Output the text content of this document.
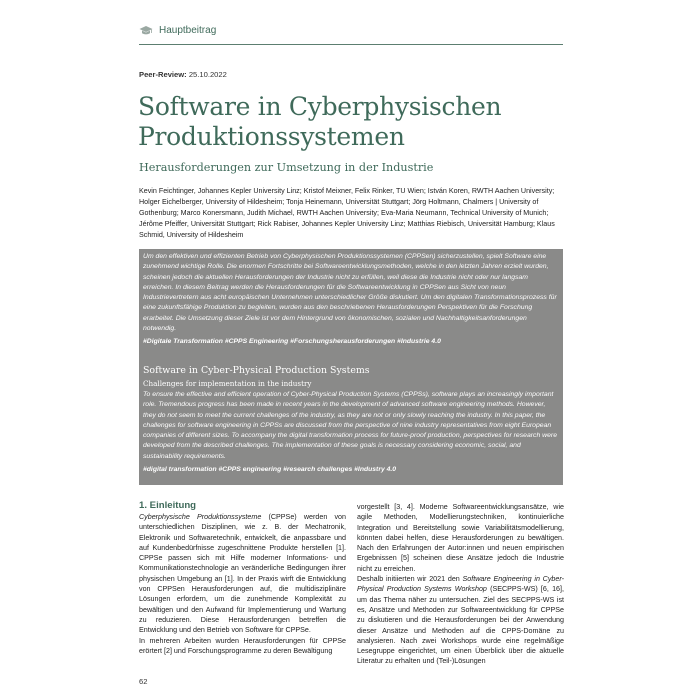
Hauptbeitrag
Peer-Review: 25.10.2022
Software in Cyberphysischen Produktionssystemen
Herausforderungen zur Umsetzung in der Industrie
Kevin Feichtinger, Johannes Kepler University Linz; Kristof Meixner, Felix Rinker, TU Wien; István Koren, RWTH Aachen University; Holger Eichelberger, University of Hildesheim; Tonja Heinemann, Universität Stuttgart; Jörg Holtmann, Chalmers | University of Gothenburg; Marco Konersmann, Judith Michael, RWTH Aachen University; Eva-Maria Neumann, Technical University of Munich; Jérôme Pfeiffer, Universität Stuttgart; Rick Rabiser, Johannes Kepler University Linz; Matthias Riebisch, Universität Hamburg; Klaus Schmid, University of Hildesheim
Um den effektiven und effizienten Betrieb von Cyberphysischen Produktionssystemen (CPPSen) sicherzustellen, spielt Software eine zunehmend wichtige Rolle. Die enormen Fortschritte bei Softwareentwicklungsmethoden, welche in den letzten Jahren erzielt wurden, scheinen jedoch die aktuellen Herausforderungen der Industrie nicht zu erfüllen, weil diese die Industrie nicht oder nur langsam erreichen. In diesem Beitrag werden die Herausforderungen für die Softwareentwicklung in CPPSen aus Sicht von neun Industrievertretern aus acht europäischen Unternehmen unterschiedlicher Größe diskutiert. Um den digitalen Transformationsprozess für eine zukunftsfähige Produktion zu begleiten, wurden aus den beschriebenen Herausforderungen Perspektiven für die Forschung erarbeitet. Die Umsetzung dieser Ziele ist vor dem Hintergrund von ökonomischen, sozialen und Nachhaltigkeitsanforderungen notwendig.
#Digitale Transformation #CPPS Engineering #Forschungsherausforderungen #Industrie 4.0
Software in Cyber-Physical Production Systems
Challenges for implementation in the industry
To ensure the effective and efficient operation of Cyber-Physical Production Systems (CPPSs), software plays an increasingly important role. Tremendous progress has been made in recent years in the development of advanced software engineering methods. However, they do not seem to meet the current challenges of the industry, as they are not or only slowly reaching the industry. In this paper, the challenges for software engineering in CPPSs are discussed from the perspective of nine industry representatives from eight European companies of different sizes. To accompany the digital transformation process for future-proof production, perspectives for research were developed from the described challenges. The implementation of these goals is necessary considering economic, social, and sustainability requirements.
#digital transformation #CPPS engineering #research challenges #Industry 4.0
1. Einleitung

Cyberphysische Produktionssysteme (CPPSe) werden von unterschiedlichen Disziplinen, wie z. B. der Mechatronik, Elektronik und Softwaretechnik, entwickelt, die anpassbare und auf Kundenbedürfnisse zugeschnittene Produkte herstellen [1]. CPPSe passen sich mit Hilfe moderner Informations- und Kommunikationstechnologie an veränderliche Bedingungen ihrer physischen Umgebung an [1]. In der Praxis wirft die Entwicklung von CPPSen Herausforderungen auf, die multidisziplinäre Lösungen erfordern, um die zunehmende Komplexität zu bewältigen und den Aufwand für Implementierung und Wartung zu reduzieren. Diese Herausforderungen betreffen die Entwicklung und den Betrieb von Software für CPPSe.

In mehreren Arbeiten wurden Herausforderungen für CPPSe erörtert [2] und Forschungsprogramme zu deren Bewältigung

vorgestellt [3, 4]. Moderne Softwareentwicklungsansätze, wie agile Methoden, Modellierungstechniken, kontinuierliche Integration und Bereitstellung sowie Variabilitätsmodellierung, könnten dabei helfen, diese Herausforderungen zu bewältigen. Nach den Erfahrungen der Autor:innen und neuen empirischen Ergebnissen [5] scheinen diese Ansätze jedoch die Industrie nicht zu erreichen.

Deshalb initiierten wir 2021 den Software Engineering in Cyber-Physical Production Systems Workshop (SECPPS-WS) [6, 16], um das Thema näher zu untersuchen. Ziel des SECPPS-WS ist es, Ansätze und Methoden zur Softwareentwicklung für CPPSe zu diskutieren und die Herausforderungen bei der Anwendung dieser Ansätze und Methoden auf die CPPS-Domäne zu analysieren. Nach zwei Workshops wurde eine regelmäßige Lesegruppe eingerichtet, um einen Überblick über die aktuelle Literatur zu erhalten und (Teil-)Lösungen

62
